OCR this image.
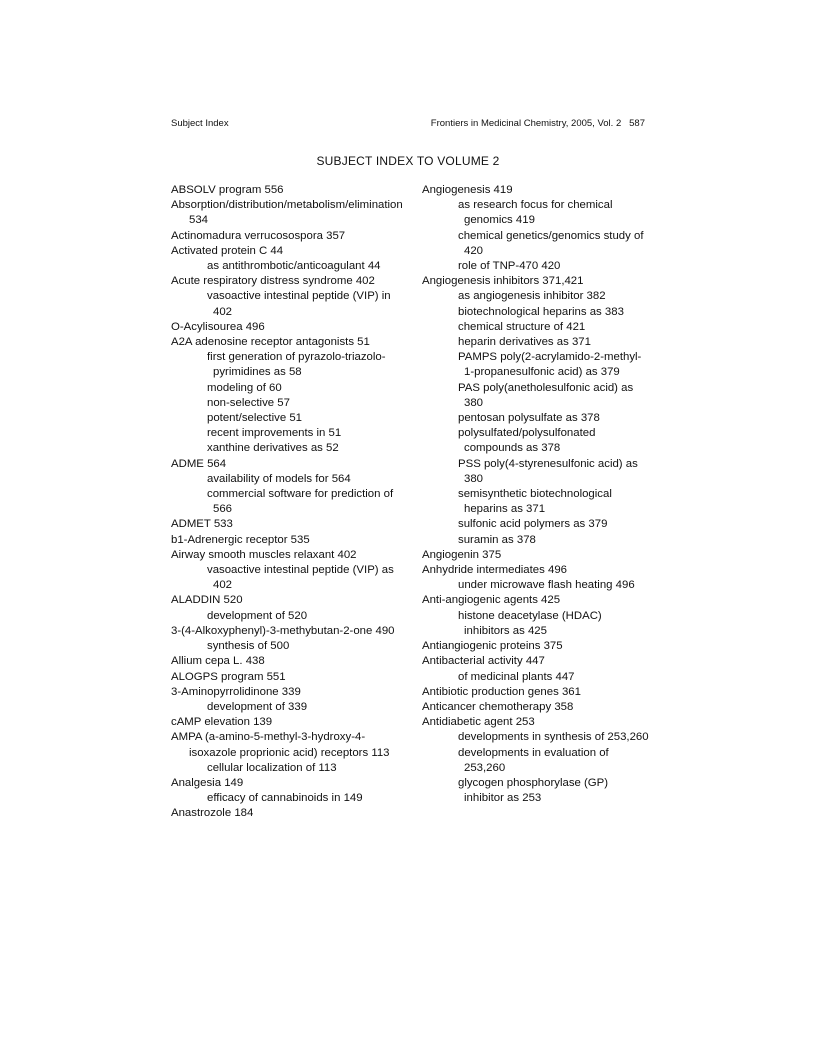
Subject Index	Frontiers in Medicinal Chemistry, 2005, Vol. 2   587
SUBJECT INDEX TO VOLUME 2

ABSOLV program 556

Absorption/distribution/metabolism/elimination 534

Actinomadura verrucosospora 357

Activated protein C 44

as antithrombotic/anticoagulant 44

Acute respiratory distress syndrome 402

vasoactive intestinal peptide (VIP) in 402

O-Acylisourea 496

A2A adenosine receptor antagonists 51

first generation of pyrazolo-triazolo-pyrimidines as 58

modeling of 60

non-selective 57

potent/selective 51

recent improvements in 51

xanthine derivatives as 52

ADME 564

availability of models for 564

commercial software for prediction of 566

ADMET 533

b1-Adrenergic receptor 535

Airway smooth muscles relaxant 402

vasoactive intestinal peptide (VIP) as 402

ALADDIN 520

development of 520

3-(4-Alkoxyphenyl)-3-methybutan-2-one 490

synthesis of 500

Allium cepa L. 438

ALOGPS program 551

3-Aminopyrrolidinone 339

development of 339

cAMP elevation 139

AMPA (a-amino-5-methyl-3-hydroxy-4-isoxazole proprionic acid) receptors 113

cellular localization of 113

Analgesia 149

efficacy of cannabinoids in 149

Anastrozole 184

Angiogenesis 419

as research focus for chemical genomics 419

chemical genetics/genomics study of 420

role of TNP-470 420

Angiogenesis inhibitors 371,421

as angiogenesis inhibitor 382

biotechnological heparins as 383

chemical structure of 421

heparin derivatives as 371

PAMPS poly(2-acrylamido-2-methyl-1-propanesulfonic acid) as 379

PAS poly(anetholesulfonic acid) as 380

pentosan polysulfate as 378

polysulfated/polysulfonated compounds as 378

PSS poly(4-styrenesulfonic acid) as 380

semisynthetic biotechnological heparins as 371

sulfonic acid polymers as 379

suramin as 378

Angiogenin 375

Anhydride intermediates 496

under microwave flash heating 496

Anti-angiogenic agents 425

histone deacetylase (HDAC) inhibitors as 425

Antiangiogenic proteins 375

Antibacterial activity 447

of medicinal plants 447

Antibiotic production genes 361

Anticancer chemotherapy 358

Antidiabetic agent 253

developments in synthesis of 253,260

developments in evaluation of 253,260

glycogen phosphorylase (GP) inhibitor as 253
